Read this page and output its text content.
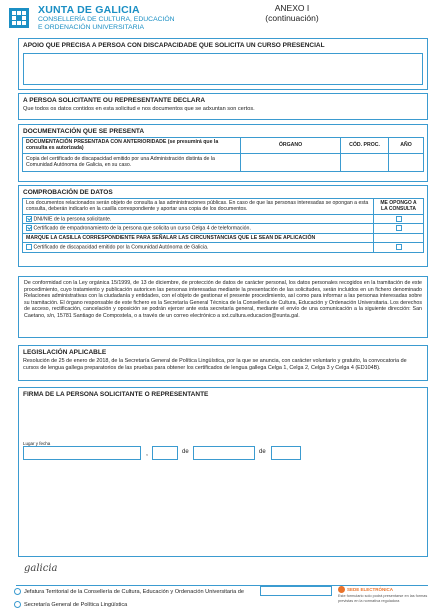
XUNTA DE GALICIA
CONSELLERÍA DE CULTURA, EDUCACIÓN
E ORDENACIÓN UNIVERSITARIA
ANEXO I
(continuación)
APOIO QUE PRECISA A PERSOA CON DISCAPACIDADE QUE SOLICITA UN CURSO PRESENCIAL
A PERSOA SOLICITANTE OU REPRESENTANTE DECLARA
Que todos os datos contidos en esta solicitud e nos documentos que se adxuntan son certos.
DOCUMENTACIÓN QUE SE PRESENTA
DOCUMENTACIÓN PRESENTADA CON ANTERIORIDADE (se presumirá que la consulta es autorizada)	ÓRGANO	CÓD. PROC.	AÑO
Copia del certificado de discapacidad emitido por una Administración distinta de la Comunidad Autónoma de Galicia, en su caso.			
COMPROBACIÓN DE DATOS
Los documentos relacionados serán objeto de consulta a las administraciones públicas. En caso de que las personas interesadas se opongan a esta consulta, deberán indicarlo en la casilla correspondiente y aportar una copia de los documentos.	ME OPONGO A LA CONSULTA
DNI/NIE de la persona solicitante.	
Certificado de empadronamiento de la persona que solicita un curso Celga 4 de teleformación.	
MARQUE LA CASILLA CORRESPONDIENTE PARA SEÑALAR LAS CIRCUNSTANCIAS QUE LE SEAN DE APLICACIÓN	
Certificado de discapacidad emitido por la Comunidad Autónoma de Galicia.	
De conformidad con la Ley orgánica 15/1999, de 13 de diciembre, de protección de datos de carácter personal, los datos personales recogidos en la tramitación de este procedimiento, cuyo tratamiento y publicación autoricen las personas interesadas mediante la presentación de las solicitudes, serán incluidos en un fichero denominado Relaciones administrativas con la ciudadanía y entidades, con el objeto de gestionar el presente procedimiento, así como para informar a las personas interesadas sobre su tramitación. El órgano responsable de este fichero es la Secretaría General Técnica de la Consellería de Cultura, Educación y Ordenación Universitaria. Los derechos de acceso, rectificación, cancelación y oposición se podrán ejercer ante esta secretaría general, mediante el envío de una comunicación a la siguiente dirección: San Caetano, s/n, 15781 Santiago de Compostela, o a través de un correo electrónico a sxt.cultura.educacion@xunta.gal.
LEGISLACIÓN APLICABLE
Resolución de 25 de enero de 2018, de la Secretaría General de Política Lingüística, por la que se anuncia, con carácter voluntario y gratuito, la convocatoria de cursos de lengua gallega preparatorios de las pruebas para obtener los certificados de lengua gallega Celga 1, Celga 2, Celga 3 y Celga 4 (ED104B).
FIRMA DE LA PERSONA SOLICITANTE O REPRESENTANTE
Lugar y fecha
,	de	de
galicia
Jefatura Territorial de la Consellería de Cultura, Educación y Ordenación Universitaria de
Secretaría General de Política Lingüística
SEDE ELECTRÓNICA
Este formulario solo podrá presentarse en las formas previstas en la normativa reguladora
